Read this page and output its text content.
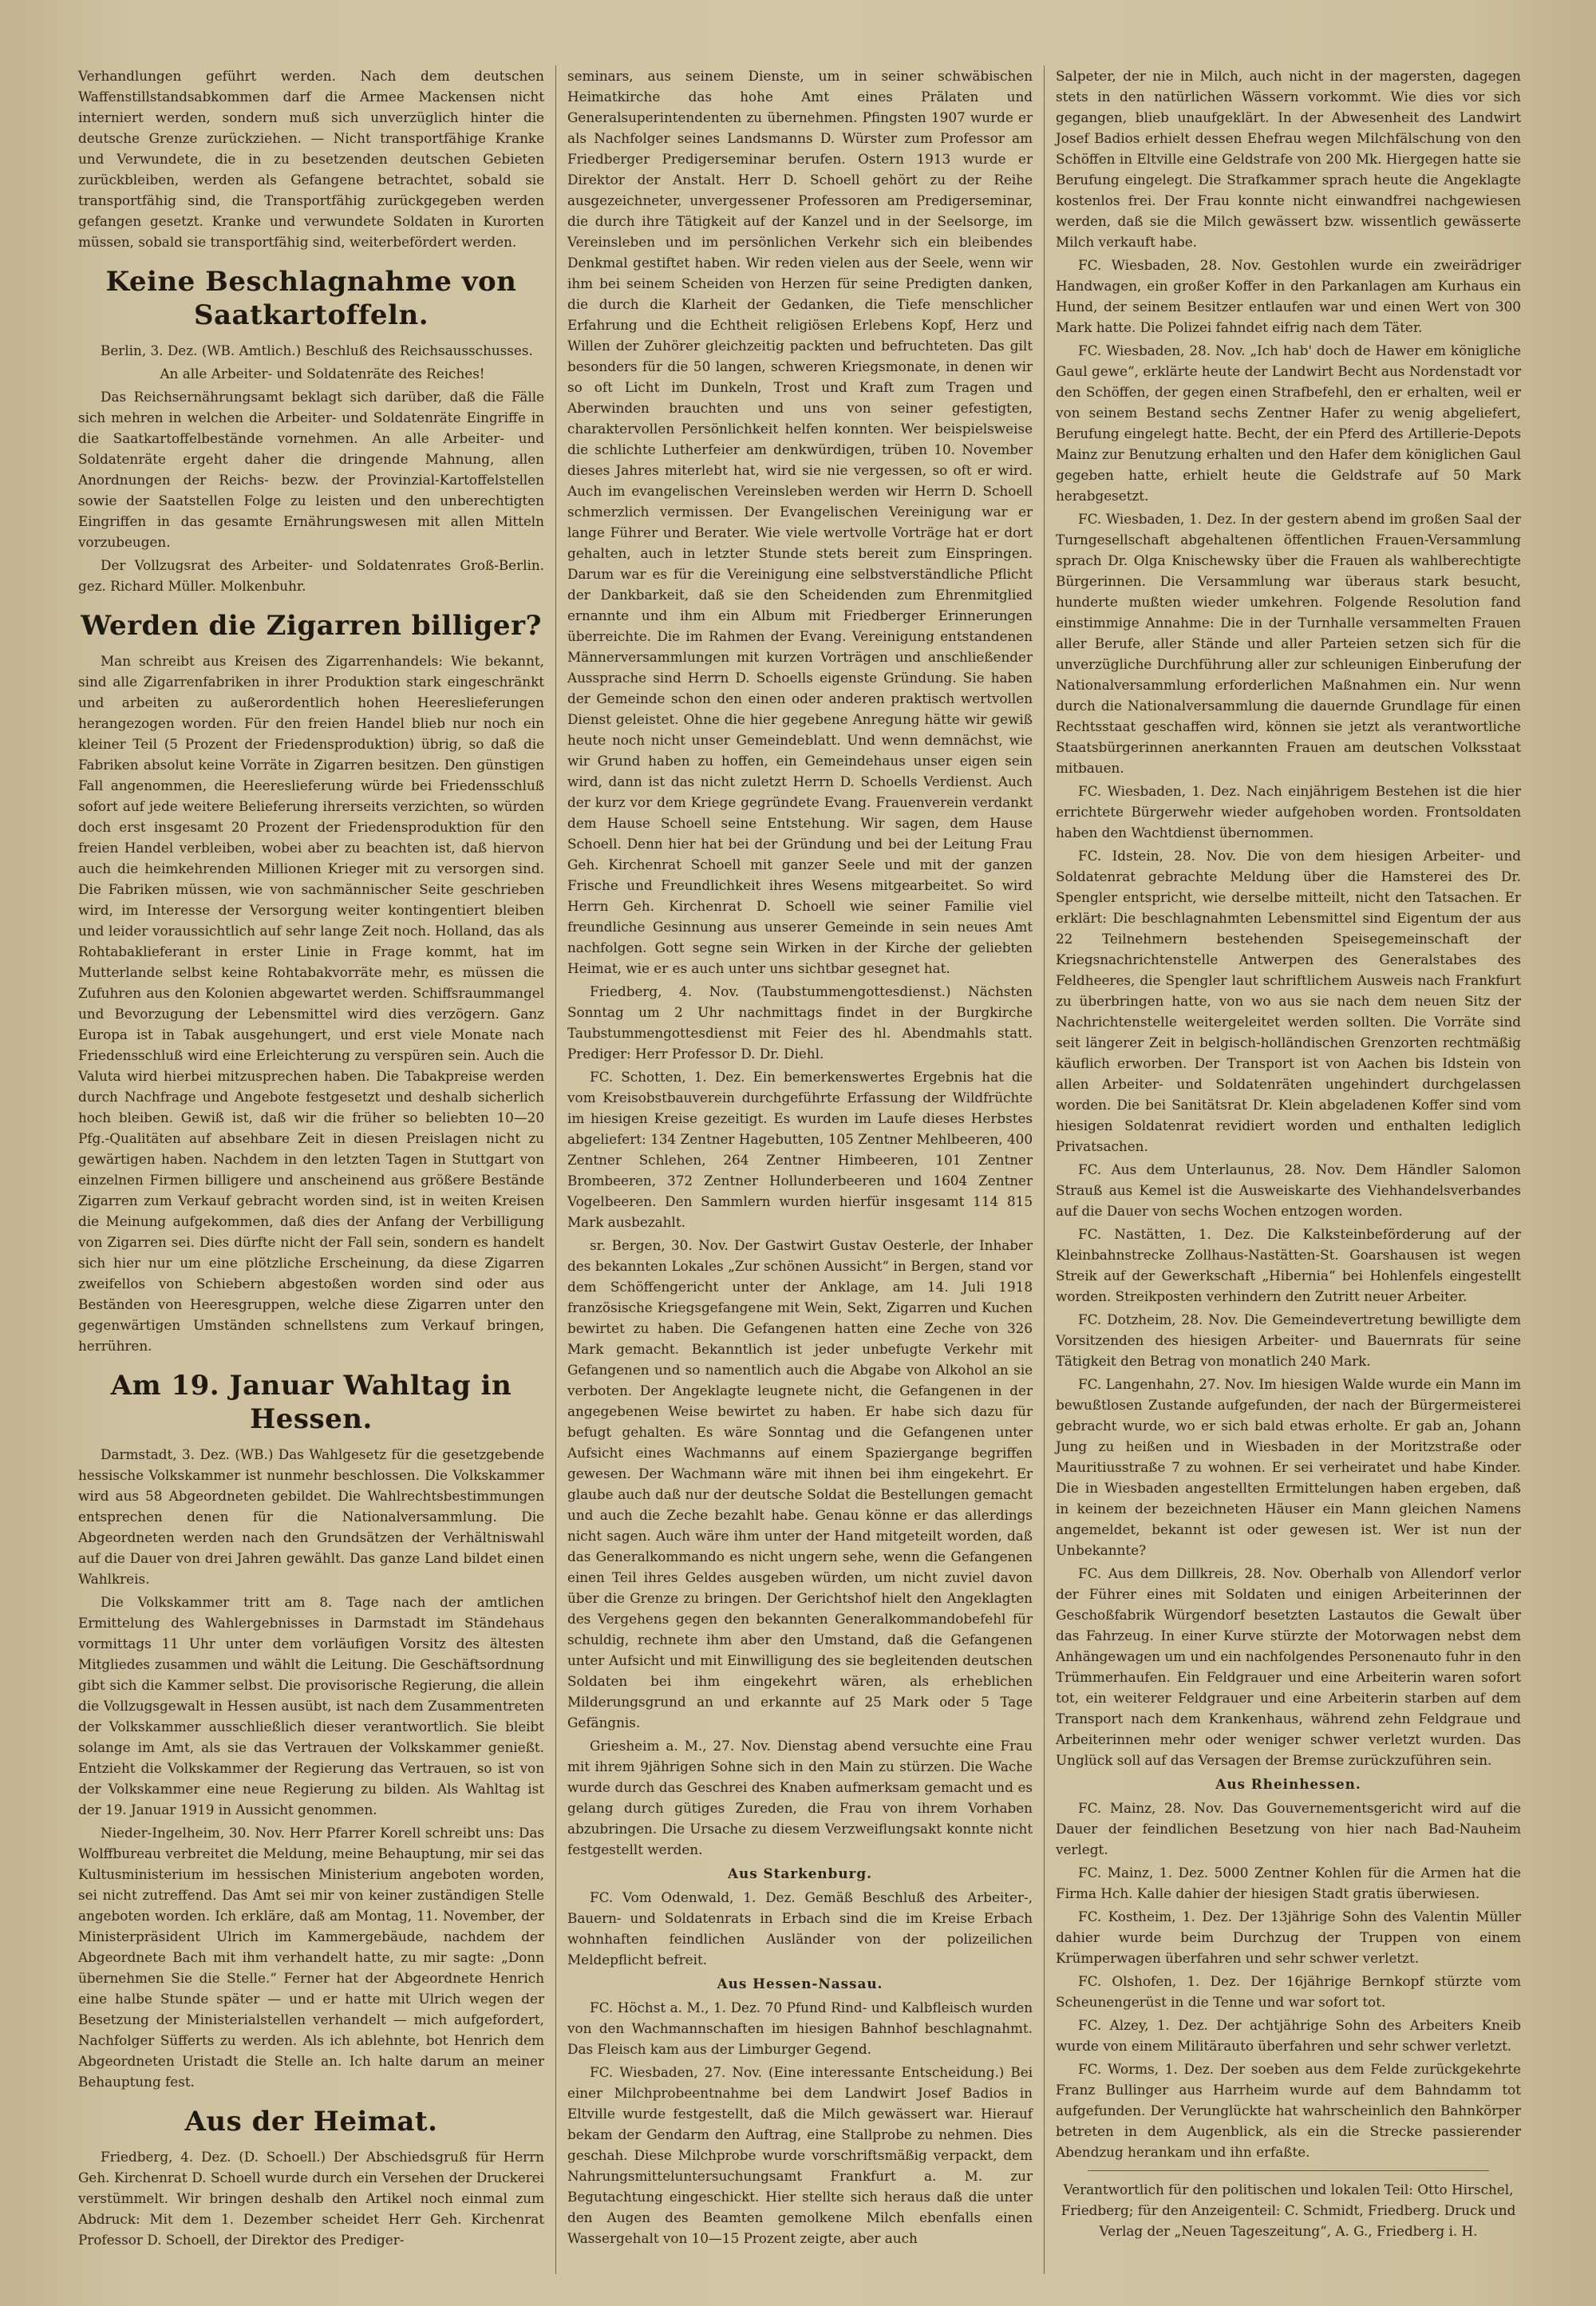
Verhandlungen geführt werden. Nach dem deutschen Waffenstillstandsabkommen darf die Armee Mackensen nicht interniert werden, sondern muß sich unverzüglich hinter die deutsche Grenze zurückziehen. — Nicht transportfähige Kranke und Verwundete, die in zu besetzenden deutschen Gebieten zurückbleiben, werden als Gefangene betrachtet, sobald sie transportfähig sind, die Transportfähig zurückgegeben werden gefangen gesetzt. Kranke und verwundete Soldaten in Kurorten müssen, sobald sie transportfähig sind, weiterbefördert werden.

Keine Beschlagnahme von Saatkartoffeln.

Berlin, 3. Dez. (WB. Amtlich.) Beschluß des Reichsausschusses.

An alle Arbeiter- und Soldatenräte des Reiches!

Das Reichsernährungsamt beklagt sich darüber, daß die Fälle sich mehren in welchen die Arbeiter- und Soldatenräte Eingriffe in die Saatkartoffelbestände vornehmen. An alle Arbeiter- und Soldatenräte ergeht daher die dringende Mahnung, allen Anordnungen der Reichs- bezw. der Provinzial-Kartoffelstellen sowie der Saatstellen Folge zu leisten und den unberechtigten Eingriffen in das gesamte Ernährungswesen mit allen Mitteln vorzubeugen.

Der Vollzugsrat des Arbeiter- und Soldatenrates Groß-Berlin. gez. Richard Müller. Molkenbuhr.

Werden die Zigarren billiger?

Man schreibt aus Kreisen des Zigarrenhandels: Wie bekannt, sind alle Zigarrenfabriken in ihrer Produktion stark eingeschränkt und arbeiten zu außerordentlich hohen Heereslieferungen herangezogen worden. Für den freien Handel blieb nur noch ein kleiner Teil (5 Prozent der Friedensproduktion) übrig, so daß die Fabriken absolut keine Vorräte in Zigarren besitzen. Den günstigen Fall angenommen, die Heereslieferung würde bei Friedensschluß sofort auf jede weitere Belieferung ihrerseits verzichten, so würden doch erst insgesamt 20 Prozent der Friedensproduktion für den freien Handel verbleiben, wobei aber zu beachten ist, daß hiervon auch die heimkehrenden Millionen Krieger mit zu versorgen sind. Die Fabriken müssen, wie von sachmännischer Seite geschrieben wird, im Interesse der Versorgung weiter kontingentiert bleiben und leider voraussichtlich auf sehr lange Zeit noch. Holland, das als Rohtabaklieferant in erster Linie in Frage kommt, hat im Mutterlande selbst keine Rohtabakvorräte mehr, es müssen die Zufuhren aus den Kolonien abgewartet werden. Schiffsraummangel und Bevorzugung der Lebensmittel wird dies verzögern. Ganz Europa ist in Tabak ausgehungert, und erst viele Monate nach Friedensschluß wird eine Erleichterung zu verspüren sein. Auch die Valuta wird hierbei mitzusprechen haben. Die Tabakpreise werden durch Nachfrage und Angebote festgesetzt und deshalb sicherlich hoch bleiben. Gewiß ist, daß wir die früher so beliebten 10—20 Pfg.-Qualitäten auf absehbare Zeit in diesen Preislagen nicht zu gewärtigen haben. Nachdem in den letzten Tagen in Stuttgart von einzelnen Firmen billigere und anscheinend aus größere Bestände Zigarren zum Verkauf gebracht worden sind, ist in weiten Kreisen die Meinung aufgekommen, daß dies der Anfang der Verbilligung von Zigarren sei. Dies dürfte nicht der Fall sein, sondern es handelt sich hier nur um eine plötzliche Erscheinung, da diese Zigarren zweifellos von Schiebern abgestoßen worden sind oder aus Beständen von Heeresgruppen, welche diese Zigarren unter den gegenwärtigen Umständen schnellstens zum Verkauf bringen, herrühren.

Am 19. Januar Wahltag in Hessen.

Darmstadt, 3. Dez. (WB.) Das Wahlgesetz für die gesetzgebende hessische Volkskammer ist nunmehr beschlossen. Die Volkskammer wird aus 58 Abgeordneten gebildet. Die Wahlrechtsbestimmungen entsprechen denen für die Nationalversammlung. Die Abgeordneten werden nach den Grundsätzen der Verhältniswahl auf die Dauer von drei Jahren gewählt. Das ganze Land bildet einen Wahlkreis.

Die Volkskammer tritt am 8. Tage nach der amtlichen Ermittelung des Wahlergebnisses in Darmstadt im Ständehaus vormittags 11 Uhr unter dem vorläufigen Vorsitz des ältesten Mitgliedes zusammen und wählt die Leitung. Die Geschäftsordnung gibt sich die Kammer selbst. Die provisorische Regierung, die allein die Vollzugsgewalt in Hessen ausübt, ist nach dem Zusammentreten der Volkskammer ausschließlich dieser verantwortlich. Sie bleibt solange im Amt, als sie das Vertrauen der Volkskammer genießt. Entzieht die Volkskammer der Regierung das Vertrauen, so ist von der Volkskammer eine neue Regierung zu bilden. Als Wahltag ist der 19. Januar 1919 in Aussicht genommen.

Nieder-Ingelheim, 30. Nov. Herr Pfarrer Korell schreibt uns: Das Wolffbureau verbreitet die Meldung, meine Behauptung, mir sei das Kultusministerium im hessischen Ministerium angeboten worden, sei nicht zutreffend. Das Amt sei mir von keiner zuständigen Stelle angeboten worden. Ich erkläre, daß am Montag, 11. November, der Ministerpräsident Ulrich im Kammergebäude, nachdem der Abgeordnete Bach mit ihm verhandelt hatte, zu mir sagte: „Donn übernehmen Sie die Stelle.“ Ferner hat der Abgeordnete Henrich eine halbe Stunde später — und er hatte mit Ulrich wegen der Besetzung der Ministerialstellen verhandelt — mich aufgefordert, Nachfolger Süfferts zu werden. Als ich ablehnte, bot Henrich dem Abgeordneten Uristadt die Stelle an. Ich halte darum an meiner Behauptung fest.

Aus der Heimat.

Friedberg, 4. Dez. (D. Schoell.) Der Abschiedsgruß für Herrn Geh. Kirchenrat D. Schoell wurde durch ein Versehen der Druckerei verstümmelt. Wir bringen deshalb den Artikel noch einmal zum Abdruck: Mit dem 1. Dezember scheidet Herr Geh. Kirchenrat Professor D. Schoell, der Direktor des Prediger-

seminars, aus seinem Dienste, um in seiner schwäbischen Heimatkirche das hohe Amt eines Prälaten und Generalsuperintendenten zu übernehmen. Pfingsten 1907 wurde er als Nachfolger seines Landsmanns D. Würster zum Professor am Friedberger Predigerseminar berufen. Ostern 1913 wurde er Direktor der Anstalt. Herr D. Schoell gehört zu der Reihe ausgezeichneter, unvergessener Professoren am Predigerseminar, die durch ihre Tätigkeit auf der Kanzel und in der Seelsorge, im Vereinsleben und im persönlichen Verkehr sich ein bleibendes Denkmal gestiftet haben. Wir reden vielen aus der Seele, wenn wir ihm bei seinem Scheiden von Herzen für seine Predigten danken, die durch die Klarheit der Gedanken, die Tiefe menschlicher Erfahrung und die Echtheit religiösen Erlebens Kopf, Herz und Willen der Zuhörer gleichzeitig packten und befruchteten. Das gilt besonders für die 50 langen, schweren Kriegsmonate, in denen wir so oft Licht im Dunkeln, Trost und Kraft zum Tragen und Aberwinden brauchten und uns von seiner gefestigten, charaktervollen Persönlichkeit helfen konnten. Wer beispielsweise die schlichte Lutherfeier am denkwürdigen, trüben 10. November dieses Jahres miterlebt hat, wird sie nie vergessen, so oft er wird. Auch im evangelischen Vereinsleben werden wir Herrn D. Schoell schmerzlich vermissen. Der Evangelischen Vereinigung war er lange Führer und Berater. Wie viele wertvolle Vorträge hat er dort gehalten, auch in letzter Stunde stets bereit zum Einspringen. Darum war es für die Vereinigung eine selbstverständliche Pflicht der Dankbarkeit, daß sie den Scheidenden zum Ehrenmitglied ernannte und ihm ein Album mit Friedberger Erinnerungen überreichte. Die im Rahmen der Evang. Vereinigung entstandenen Männerversammlungen mit kurzen Vorträgen und anschließender Aussprache sind Herrn D. Schoells eigenste Gründung. Sie haben der Gemeinde schon den einen oder anderen praktisch wertvollen Dienst geleistet. Ohne die hier gegebene Anregung hätte wir gewiß heute noch nicht unser Gemeindeblatt. Und wenn demnächst, wie wir Grund haben zu hoffen, ein Gemeindehaus unser eigen sein wird, dann ist das nicht zuletzt Herrn D. Schoells Verdienst. Auch der kurz vor dem Kriege gegründete Evang. Frauenverein verdankt dem Hause Schoell seine Entstehung. Wir sagen, dem Hause Schoell. Denn hier hat bei der Gründung und bei der Leitung Frau Geh. Kirchenrat Schoell mit ganzer Seele und mit der ganzen Frische und Freundlichkeit ihres Wesens mitgearbeitet. So wird Herrn Geh. Kirchenrat D. Schoell wie seiner Familie viel freundliche Gesinnung aus unserer Gemeinde in sein neues Amt nachfolgen. Gott segne sein Wirken in der Kirche der geliebten Heimat, wie er es auch unter uns sichtbar gesegnet hat.

Friedberg, 4. Nov. (Taubstummengottesdienst.) Nächsten Sonntag um 2 Uhr nachmittags findet in der Burgkirche Taubstummengottesdienst mit Feier des hl. Abendmahls statt. Prediger: Herr Professor D. Dr. Diehl.

FC. Schotten, 1. Dez. Ein bemerkenswertes Ergebnis hat die vom Kreisobstbauverein durchgeführte Erfassung der Wildfrüchte im hiesigen Kreise gezeitigt. Es wurden im Laufe dieses Herbstes abgeliefert: 134 Zentner Hagebutten, 105 Zentner Mehlbeeren, 400 Zentner Schlehen, 264 Zentner Himbeeren, 101 Zentner Brombeeren, 372 Zentner Hollunderbeeren und 1604 Zentner Vogelbeeren. Den Sammlern wurden hierfür insgesamt 114 815 Mark ausbezahlt.

sr. Bergen, 30. Nov. Der Gastwirt Gustav Oesterle, der Inhaber des bekannten Lokales „Zur schönen Aussicht“ in Bergen, stand vor dem Schöffengericht unter der Anklage, am 14. Juli 1918 französische Kriegsgefangene mit Wein, Sekt, Zigarren und Kuchen bewirtet zu haben. Die Gefangenen hatten eine Zeche von 326 Mark gemacht. Bekanntlich ist jeder unbefugte Verkehr mit Gefangenen und so namentlich auch die Abgabe von Alkohol an sie verboten. Der Angeklagte leugnete nicht, die Gefangenen in der angegebenen Weise bewirtet zu haben. Er habe sich dazu für befugt gehalten. Es wäre Sonntag und die Gefangenen unter Aufsicht eines Wachmanns auf einem Spaziergange begriffen gewesen. Der Wachmann wäre mit ihnen bei ihm eingekehrt. Er glaube auch daß nur der deutsche Soldat die Bestellungen gemacht und auch die Zeche bezahlt habe. Genau könne er das allerdings nicht sagen. Auch wäre ihm unter der Hand mitgeteilt worden, daß das Generalkommando es nicht ungern sehe, wenn die Gefangenen einen Teil ihres Geldes ausgeben würden, um nicht zuviel davon über die Grenze zu bringen. Der Gerichtshof hielt den Angeklagten des Vergehens gegen den bekannten Generalkommandobefehl für schuldig, rechnete ihm aber den Umstand, daß die Gefangenen unter Aufsicht und mit Einwilligung des sie begleitenden deutschen Soldaten bei ihm eingekehrt wären, als erheblichen Milderungsgrund an und erkannte auf 25 Mark oder 5 Tage Gefängnis.

Griesheim a. M., 27. Nov. Dienstag abend versuchte eine Frau mit ihrem 9jährigen Sohne sich in den Main zu stürzen. Die Wache wurde durch das Geschrei des Knaben aufmerksam gemacht und es gelang durch gütiges Zureden, die Frau von ihrem Vorhaben abzubringen. Die Ursache zu diesem Verzweiflungsakt konnte nicht festgestellt werden.

Aus Starkenburg.

FC. Vom Odenwald, 1. Dez. Gemäß Beschluß des Arbeiter-, Bauern- und Soldatenrats in Erbach sind die im Kreise Erbach wohnhaften feindlichen Ausländer von der polizeilichen Meldepflicht befreit.

Aus Hessen-Nassau.

FC. Höchst a. M., 1. Dez. 70 Pfund Rind- und Kalbfleisch wurden von den Wachmannschaften im hiesigen Bahnhof beschlagnahmt. Das Fleisch kam aus der Limburger Gegend.

FC. Wiesbaden, 27. Nov. (Eine interessante Entscheidung.) Bei einer Milchprobeentnahme bei dem Landwirt Josef Badios in Eltville wurde festgestellt, daß die Milch gewässert war. Hierauf bekam der Gendarm den Auftrag, eine Stallprobe zu nehmen. Dies geschah. Diese Milchprobe wurde vorschriftsmäßig verpackt, dem Nahrungsmitteluntersuchungsamt Frankfurt a. M. zur Begutachtung eingeschickt. Hier stellte sich heraus daß die unter den Augen des Beamten gemolkene Milch ebenfalls einen Wassergehalt von 10—15 Prozent zeigte, aber auch

Salpeter, der nie in Milch, auch nicht in der magersten, dagegen stets in den natürlichen Wässern vorkommt. Wie dies vor sich gegangen, blieb unaufgeklärt. In der Abwesenheit des Landwirt Josef Badios erhielt dessen Ehefrau wegen Milchfälschung von den Schöffen in Eltville eine Geldstrafe von 200 Mk. Hiergegen hatte sie Berufung eingelegt. Die Strafkammer sprach heute die Angeklagte kostenlos frei. Der Frau konnte nicht einwandfrei nachgewiesen werden, daß sie die Milch gewässert bzw. wissentlich gewässerte Milch verkauft habe.

FC. Wiesbaden, 28. Nov. Gestohlen wurde ein zweirädriger Handwagen, ein großer Koffer in den Parkanlagen am Kurhaus ein Hund, der seinem Besitzer entlaufen war und einen Wert von 300 Mark hatte. Die Polizei fahndet eifrig nach dem Täter.

FC. Wiesbaden, 28. Nov. „Ich hab' doch de Hawer em königliche Gaul gewe“, erklärte heute der Landwirt Becht aus Nordenstadt vor den Schöffen, der gegen einen Strafbefehl, den er erhalten, weil er von seinem Bestand sechs Zentner Hafer zu wenig abgeliefert, Berufung eingelegt hatte. Becht, der ein Pferd des Artillerie-Depots Mainz zur Benutzung erhalten und den Hafer dem königlichen Gaul gegeben hatte, erhielt heute die Geldstrafe auf 50 Mark herabgesetzt.

FC. Wiesbaden, 1. Dez. In der gestern abend im großen Saal der Turngesellschaft abgehaltenen öffentlichen Frauen-Versammlung sprach Dr. Olga Knischewsky über die Frauen als wahlberechtigte Bürgerinnen. Die Versammlung war überaus stark besucht, hunderte mußten wieder umkehren. Folgende Resolution fand einstimmige Annahme: Die in der Turnhalle versammelten Frauen aller Berufe, aller Stände und aller Parteien setzen sich für die unverzügliche Durchführung aller zur schleunigen Einberufung der Nationalversammlung erforderlichen Maßnahmen ein. Nur wenn durch die Nationalversammlung die dauernde Grundlage für einen Rechtsstaat geschaffen wird, können sie jetzt als verantwortliche Staatsbürgerinnen anerkannten Frauen am deutschen Volksstaat mitbauen.

FC. Wiesbaden, 1. Dez. Nach einjährigem Bestehen ist die hier errichtete Bürgerwehr wieder aufgehoben worden. Frontsoldaten haben den Wachtdienst übernommen.

FC. Idstein, 28. Nov. Die von dem hiesigen Arbeiter- und Soldatenrat gebrachte Meldung über die Hamsterei des Dr. Spengler entspricht, wie derselbe mitteilt, nicht den Tatsachen. Er erklärt: Die beschlagnahmten Lebensmittel sind Eigentum der aus 22 Teilnehmern bestehenden Speisegemeinschaft der Kriegsnachrichtenstelle Antwerpen des Generalstabes des Feldheeres, die Spengler laut schriftlichem Ausweis nach Frankfurt zu überbringen hatte, von wo aus sie nach dem neuen Sitz der Nachrichtenstelle weitergeleitet werden sollten. Die Vorräte sind seit längerer Zeit in belgisch-holländischen Grenzorten rechtmäßig käuflich erworben. Der Transport ist von Aachen bis Idstein von allen Arbeiter- und Soldatenräten ungehindert durchgelassen worden. Die bei Sanitätsrat Dr. Klein abgeladenen Koffer sind vom hiesigen Soldatenrat revidiert worden und enthalten lediglich Privatsachen.

FC. Aus dem Unterlaunus, 28. Nov. Dem Händler Salomon Strauß aus Kemel ist die Ausweiskarte des Viehhandelsverbandes auf die Dauer von sechs Wochen entzogen worden.

FC. Nastätten, 1. Dez. Die Kalksteinbeförderung auf der Kleinbahnstrecke Zollhaus-Nastätten-St. Goarshausen ist wegen Streik auf der Gewerkschaft „Hibernia“ bei Hohlenfels eingestellt worden. Streikposten verhindern den Zutritt neuer Arbeiter.

FC. Dotzheim, 28. Nov. Die Gemeindevertretung bewilligte dem Vorsitzenden des hiesigen Arbeiter- und Bauernrats für seine Tätigkeit den Betrag von monatlich 240 Mark.

FC. Langenhahn, 27. Nov. Im hiesigen Walde wurde ein Mann im bewußtlosen Zustande aufgefunden, der nach der Bürgermeisterei gebracht wurde, wo er sich bald etwas erholte. Er gab an, Johann Jung zu heißen und in Wiesbaden in der Moritzstraße oder Mauritiusstraße 7 zu wohnen. Er sei verheiratet und habe Kinder. Die in Wiesbaden angestellten Ermittelungen haben ergeben, daß in keinem der bezeichneten Häuser ein Mann gleichen Namens angemeldet, bekannt ist oder gewesen ist. Wer ist nun der Unbekannte?

FC. Aus dem Dillkreis, 28. Nov. Oberhalb von Allendorf verlor der Führer eines mit Soldaten und einigen Arbeiterinnen der Geschoßfabrik Würgendorf besetzten Lastautos die Gewalt über das Fahrzeug. In einer Kurve stürzte der Motorwagen nebst dem Anhängewagen um und ein nachfolgendes Personenauto fuhr in den Trümmerhaufen. Ein Feldgrauer und eine Arbeiterin waren sofort tot, ein weiterer Feldgrauer und eine Arbeiterin starben auf dem Transport nach dem Krankenhaus, während zehn Feldgraue und Arbeiterinnen mehr oder weniger schwer verletzt wurden. Das Unglück soll auf das Versagen der Bremse zurückzuführen sein.

Aus Rheinhessen.

FC. Mainz, 28. Nov. Das Gouvernementsgericht wird auf die Dauer der feindlichen Besetzung von hier nach Bad-Nauheim verlegt.

FC. Mainz, 1. Dez. 5000 Zentner Kohlen für die Armen hat die Firma Hch. Kalle dahier der hiesigen Stadt gratis überwiesen.

FC. Kostheim, 1. Dez. Der 13jährige Sohn des Valentin Müller dahier wurde beim Durchzug der Truppen von einem Krümperwagen überfahren und sehr schwer verletzt.

FC. Olshofen, 1. Dez. Der 16jährige Bernkopf stürzte vom Scheunengerüst in die Tenne und war sofort tot.

FC. Alzey, 1. Dez. Der achtjährige Sohn des Arbeiters Kneib wurde von einem Militärauto überfahren und sehr schwer verletzt.

FC. Worms, 1. Dez. Der soeben aus dem Felde zurückgekehrte Franz Bullinger aus Harrheim wurde auf dem Bahndamm tot aufgefunden. Der Verunglückte hat wahrscheinlich den Bahnkörper betreten in dem Augenblick, als ein die Strecke passierender Abendzug herankam und ihn erfaßte.

Verantwortlich für den politischen und lokalen Teil: Otto Hirschel, Friedberg; für den Anzeigenteil: C. Schmidt, Friedberg. Druck und Verlag der „Neuen Tageszeitung“, A. G., Friedberg i. H.
